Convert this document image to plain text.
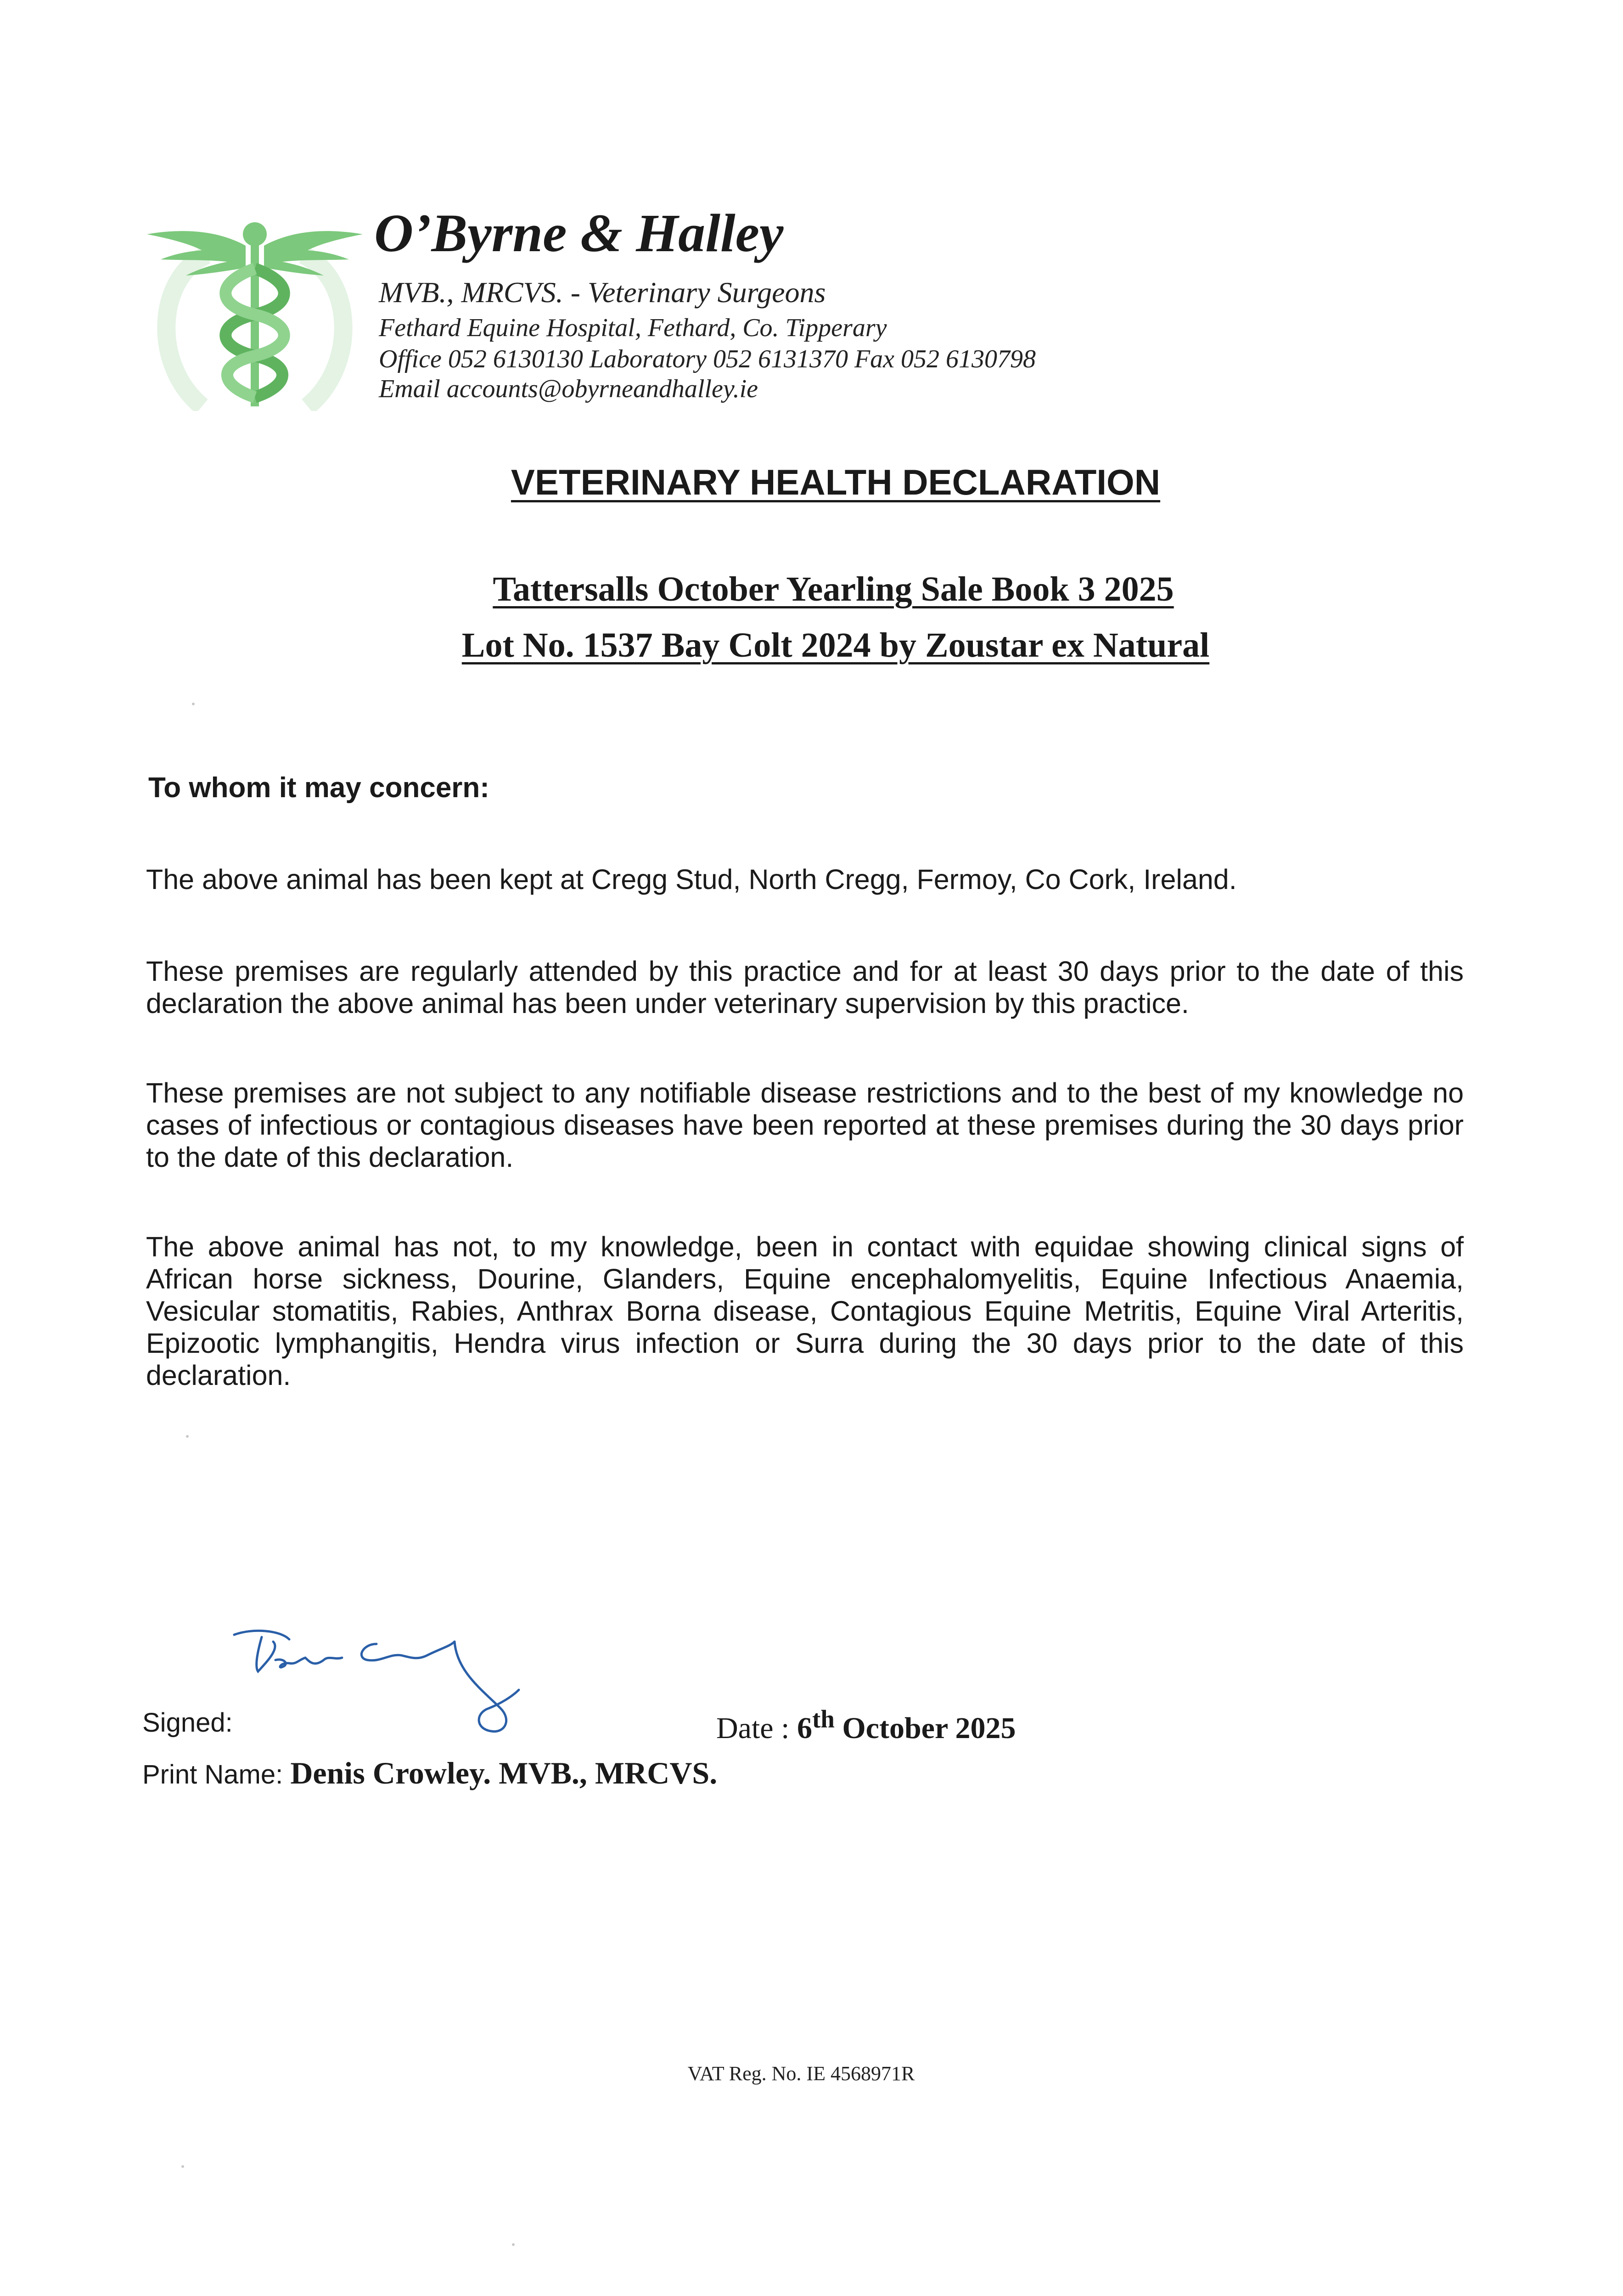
O’Byrne & Halley

MVB., MRCVS. - Veterinary Surgeons

Fethard Equine Hospital, Fethard, Co. Tipperary

Office 052 6130130 Laboratory 052 6131370 Fax 052 6130798

Email accounts@obyrneandhalley.ie

VETERINARY HEALTH DECLARATION

Tattersalls October Yearling Sale Book 3 2025

Lot No. 1537 Bay Colt 2024 by Zoustar ex Natural

To whom it may concern:

The above animal has been kept at Cregg Stud, North Cregg, Fermoy, Co Cork, Ireland.

These premises are regularly attended by this practice and for at least 30 days prior to the date of this declaration the above animal has been under veterinary supervision by this practice.

These premises are not subject to any notifiable disease restrictions and to the best of my knowledge no cases of infectious or contagious diseases have been reported at these premises during the 30 days prior to the date of this declaration.

The above animal has not, to my knowledge, been in contact with equidae showing clinical signs of African horse sickness, Dourine, Glanders, Equine encephalomyelitis, Equine Infectious Anaemia, Vesicular stomatitis, Rabies, Anthrax Borna disease, Contagious Equine Metritis, Equine Viral Arteritis, Epizootic lymphangitis, Hendra virus infection or Surra during the 30 days prior to the date of this declaration.

Signed:	Date : 6th October 2025

Print Name: Denis Crowley. MVB., MRCVS.

VAT Reg. No. IE 4568971R
